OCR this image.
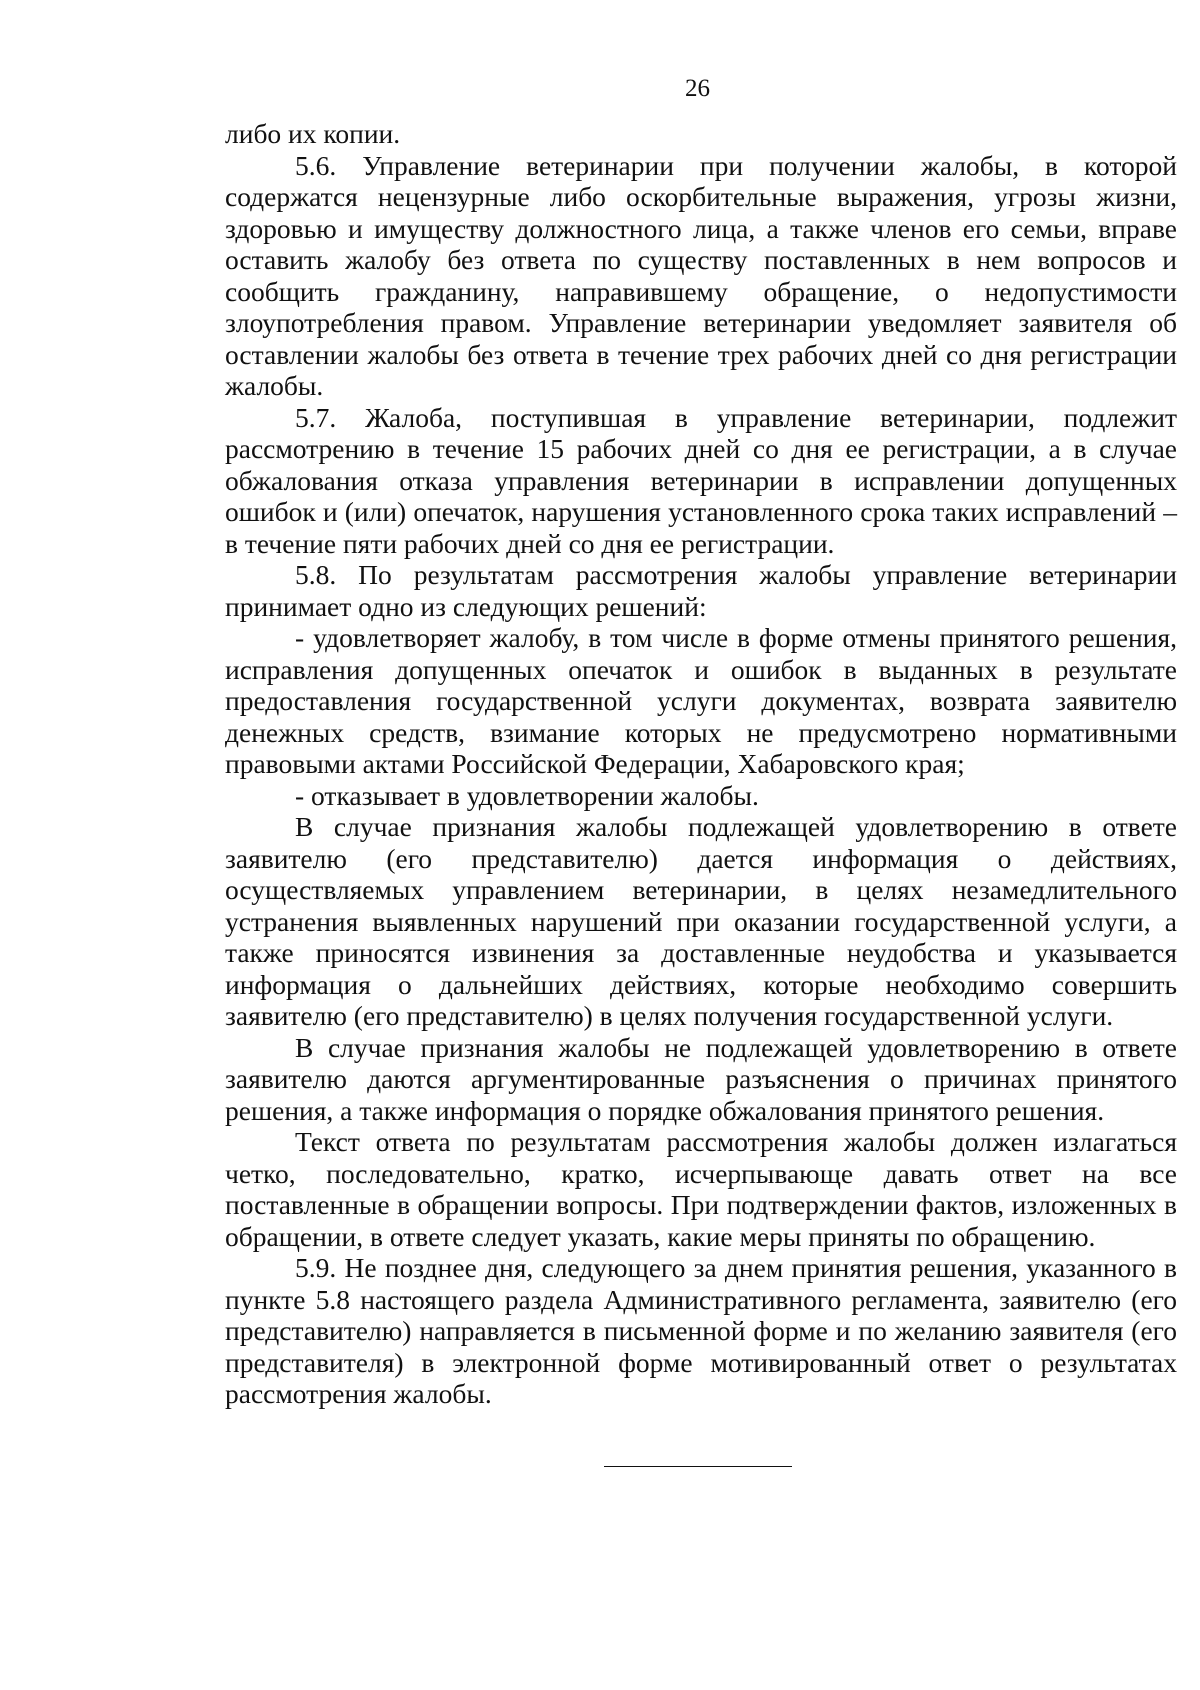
26

либо их копии.

5.6. Управление ветеринарии при получении жалобы, в которой содержатся нецензурные либо оскорбительные выражения, угрозы жизни, здоровью и имуществу должностного лица, а также членов его семьи, вправе оставить жалобу без ответа по существу поставленных в нем вопросов и сообщить гражданину, направившему обращение, о недопустимости злоупотребления правом. Управление ветеринарии уведомляет заявителя об оставлении жалобы без ответа в течение трех рабочих дней со дня регистрации жалобы.

5.7. Жалоба, поступившая в управление ветеринарии, подлежит рассмотрению в течение 15 рабочих дней со дня ее регистрации, а в случае обжалования отказа управления ветеринарии в исправлении допущенных ошибок и (или) опечаток, нарушения установленного срока таких исправлений – в течение пяти рабочих дней со дня ее регистрации.

5.8. По результатам рассмотрения жалобы управление ветеринарии принимает одно из следующих решений:

- удовлетворяет жалобу, в том числе в форме отмены принятого решения, исправления допущенных опечаток и ошибок в выданных в результате предоставления государственной услуги документах, возврата заявителю денежных средств, взимание которых не предусмотрено нормативными правовыми актами Российской Федерации, Хабаровского края;

- отказывает в удовлетворении жалобы.

В случае признания жалобы подлежащей удовлетворению в ответе заявителю (его представителю) дается информация о действиях, осуществляемых управлением ветеринарии, в целях незамедлительного устранения выявленных нарушений при оказании государственной услуги, а также приносятся извинения за доставленные неудобства и указывается информация о дальнейших действиях, которые необходимо совершить заявителю (его представителю) в целях получения государственной услуги.

В случае признания жалобы не подлежащей удовлетворению в ответе заявителю даются аргументированные разъяснения о причинах принятого решения, а также информация о порядке обжалования принятого решения.

Текст ответа по результатам рассмотрения жалобы должен излагаться четко, последовательно, кратко, исчерпывающе давать ответ на все поставленные в обращении вопросы. При подтверждении фактов, изложенных в обращении, в ответе следует указать, какие меры приняты по обращению.

5.9. Не позднее дня, следующего за днем принятия решения, указанного в пункте 5.8 настоящего раздела Административного регламента, заявителю (его представителю) направляется в письменной форме и по желанию заявителя (его представителя) в электронной форме мотивированный ответ о результатах рассмотрения жалобы.
